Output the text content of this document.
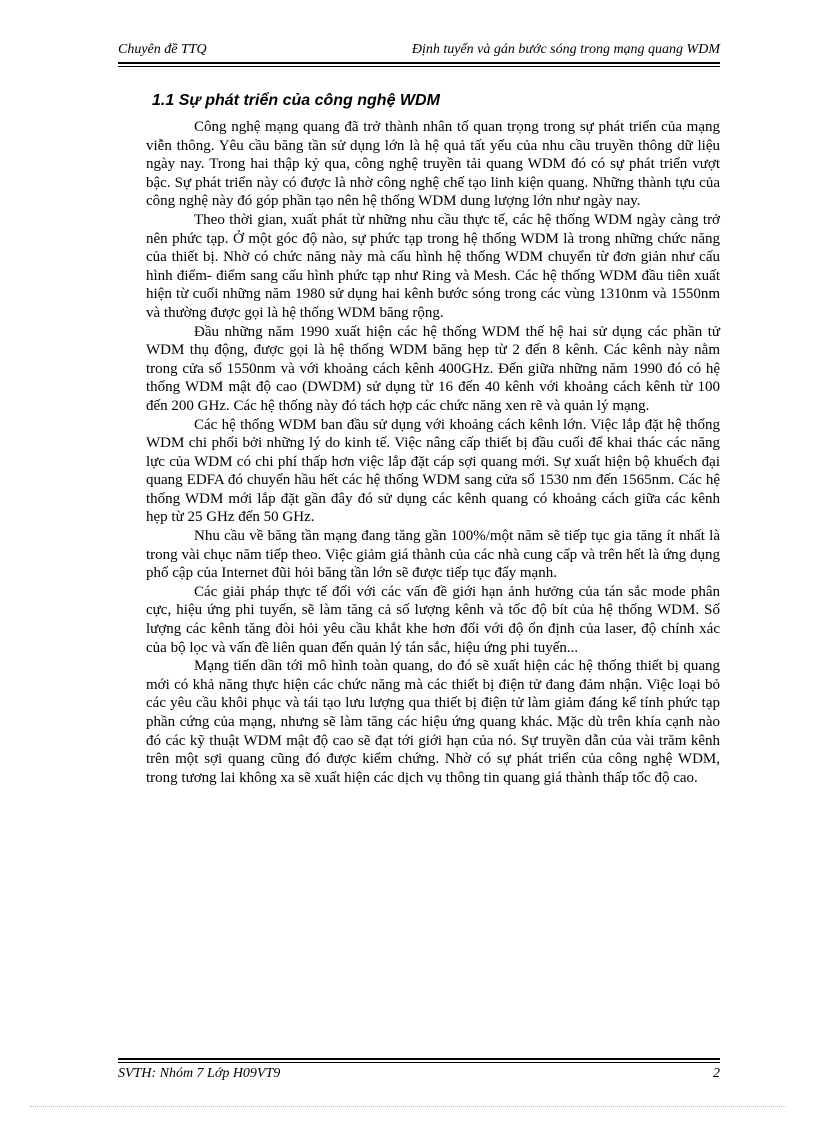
Chuyên đề TTQ	Định tuyến và gán bước sóng trong mạng quang WDM
1.1 Sự phát triển của công nghệ WDM

Công nghệ mạng quang đã trở thành nhân tố quan trọng trong sự phát triển của mạng viễn thông. Yêu cầu băng tần sử dụng lớn là hệ quả tất yếu của nhu cầu truyền thông dữ liệu ngày nay. Trong hai thập kỷ qua, công nghệ truyền tải quang WDM đó có sự phát triển vượt bậc. Sự phát triển này có được là nhờ công nghệ chế tạo linh kiện quang. Những thành tựu của công nghệ này đó góp phần tạo nên hệ thống WDM dung lượng lớn như ngày nay.

Theo thời gian, xuất phát từ những nhu cầu thực tế, các hệ thống WDM ngày càng trở nên phức tạp. Ở một góc độ nào, sự phức tạp trong hệ thống WDM là trong những chức năng của thiết bị. Nhờ có chức năng này mà cấu hình hệ thống WDM chuyển từ đơn giản như cấu hình điểm- điểm sang cấu hình phức tạp như Ring và Mesh. Các hệ thống WDM đầu tiên xuất hiện từ cuối những năm 1980 sử dụng hai kênh bước sóng trong các vùng 1310nm và 1550nm và thường được gọi là hệ thống WDM băng rộng.

Đầu những năm 1990 xuất hiện các hệ thống WDM thế hệ hai sử dụng các phần tử WDM thụ động, được gọi là hệ thống WDM băng hẹp từ 2 đến 8 kênh. Các kênh này nằm trong cửa sổ 1550nm và với khoảng cách kênh 400GHz. Đến giữa những năm 1990 đó có hệ thống WDM mật độ cao (DWDM) sử dụng từ 16 đến 40 kênh với khoảng cách kênh từ 100 đến 200 GHz. Các hệ thống này đó tách hợp các chức năng xen rẽ và quản lý mạng.

Các hệ thống WDM ban đầu sử dụng với khoảng cách kênh lớn. Việc lắp đặt hệ thống WDM chi phối bởi những lý do kinh tế. Việc nâng cấp thiết bị đầu cuối để khai thác các năng lực của WDM có chi phí thấp hơn việc lắp đặt cáp sợi quang mới. Sự xuất hiện bộ khuếch đại quang EDFA đó chuyển hầu hết các hệ thống WDM sang cửa sổ 1530 nm đến 1565nm. Các hệ thống WDM mới lắp đặt gần đây đó sử dụng các kênh quang có khoảng cách giữa các kênh hẹp từ 25 GHz đến 50 GHz.

Nhu cầu về băng tần mạng đang tăng gần 100%/một năm sẽ tiếp tục gia tăng ít nhất là trong vài chục năm tiếp theo. Việc giảm giá thành của các nhà cung cấp và trên hết là ứng dụng phổ cập của Internet đũi hỏi băng tần lớn sẽ được tiếp tục đẩy mạnh.

Các giải pháp thực tế đối với các vấn đề giới hạn ảnh hưởng của tán sắc mode phân cực, hiệu ứng phi tuyến, sẽ làm tăng cả số lượng kênh và tốc độ bít của hệ thống WDM. Số lượng các kênh tăng đòi hỏi yêu cầu khắt khe hơn đối với độ ổn định của laser, độ chính xác của bộ lọc và vấn đề liên quan đến quản lý tán sắc, hiệu ứng phi tuyến...

Mạng tiến dần tới mô hình toàn quang, do đó sẽ xuất hiện các hệ thống thiết bị quang mới có khả năng thực hiện các chức năng mà các thiết bị điện tử đang đảm nhận. Việc loại bỏ các yêu cầu khôi phục và tái tạo lưu lượng qua thiết bị điện tử làm giảm đáng kể tính phức tạp phần cứng của mạng, nhưng sẽ làm tăng các hiệu ứng quang khác. Mặc dù trên khía cạnh nào đó các kỹ thuật WDM mật độ cao sẽ đạt tới giới hạn của nó. Sự truyền dẫn của vài trăm kênh trên một sợi quang cũng đó được kiểm chứng. Nhờ có sự phát triển của công nghệ WDM, trong tương lai không xa sẽ xuất hiện các dịch vụ thông tin quang giá thành thấp tốc độ cao.

SVTH: Nhóm 7 Lớp H09VT9	2
